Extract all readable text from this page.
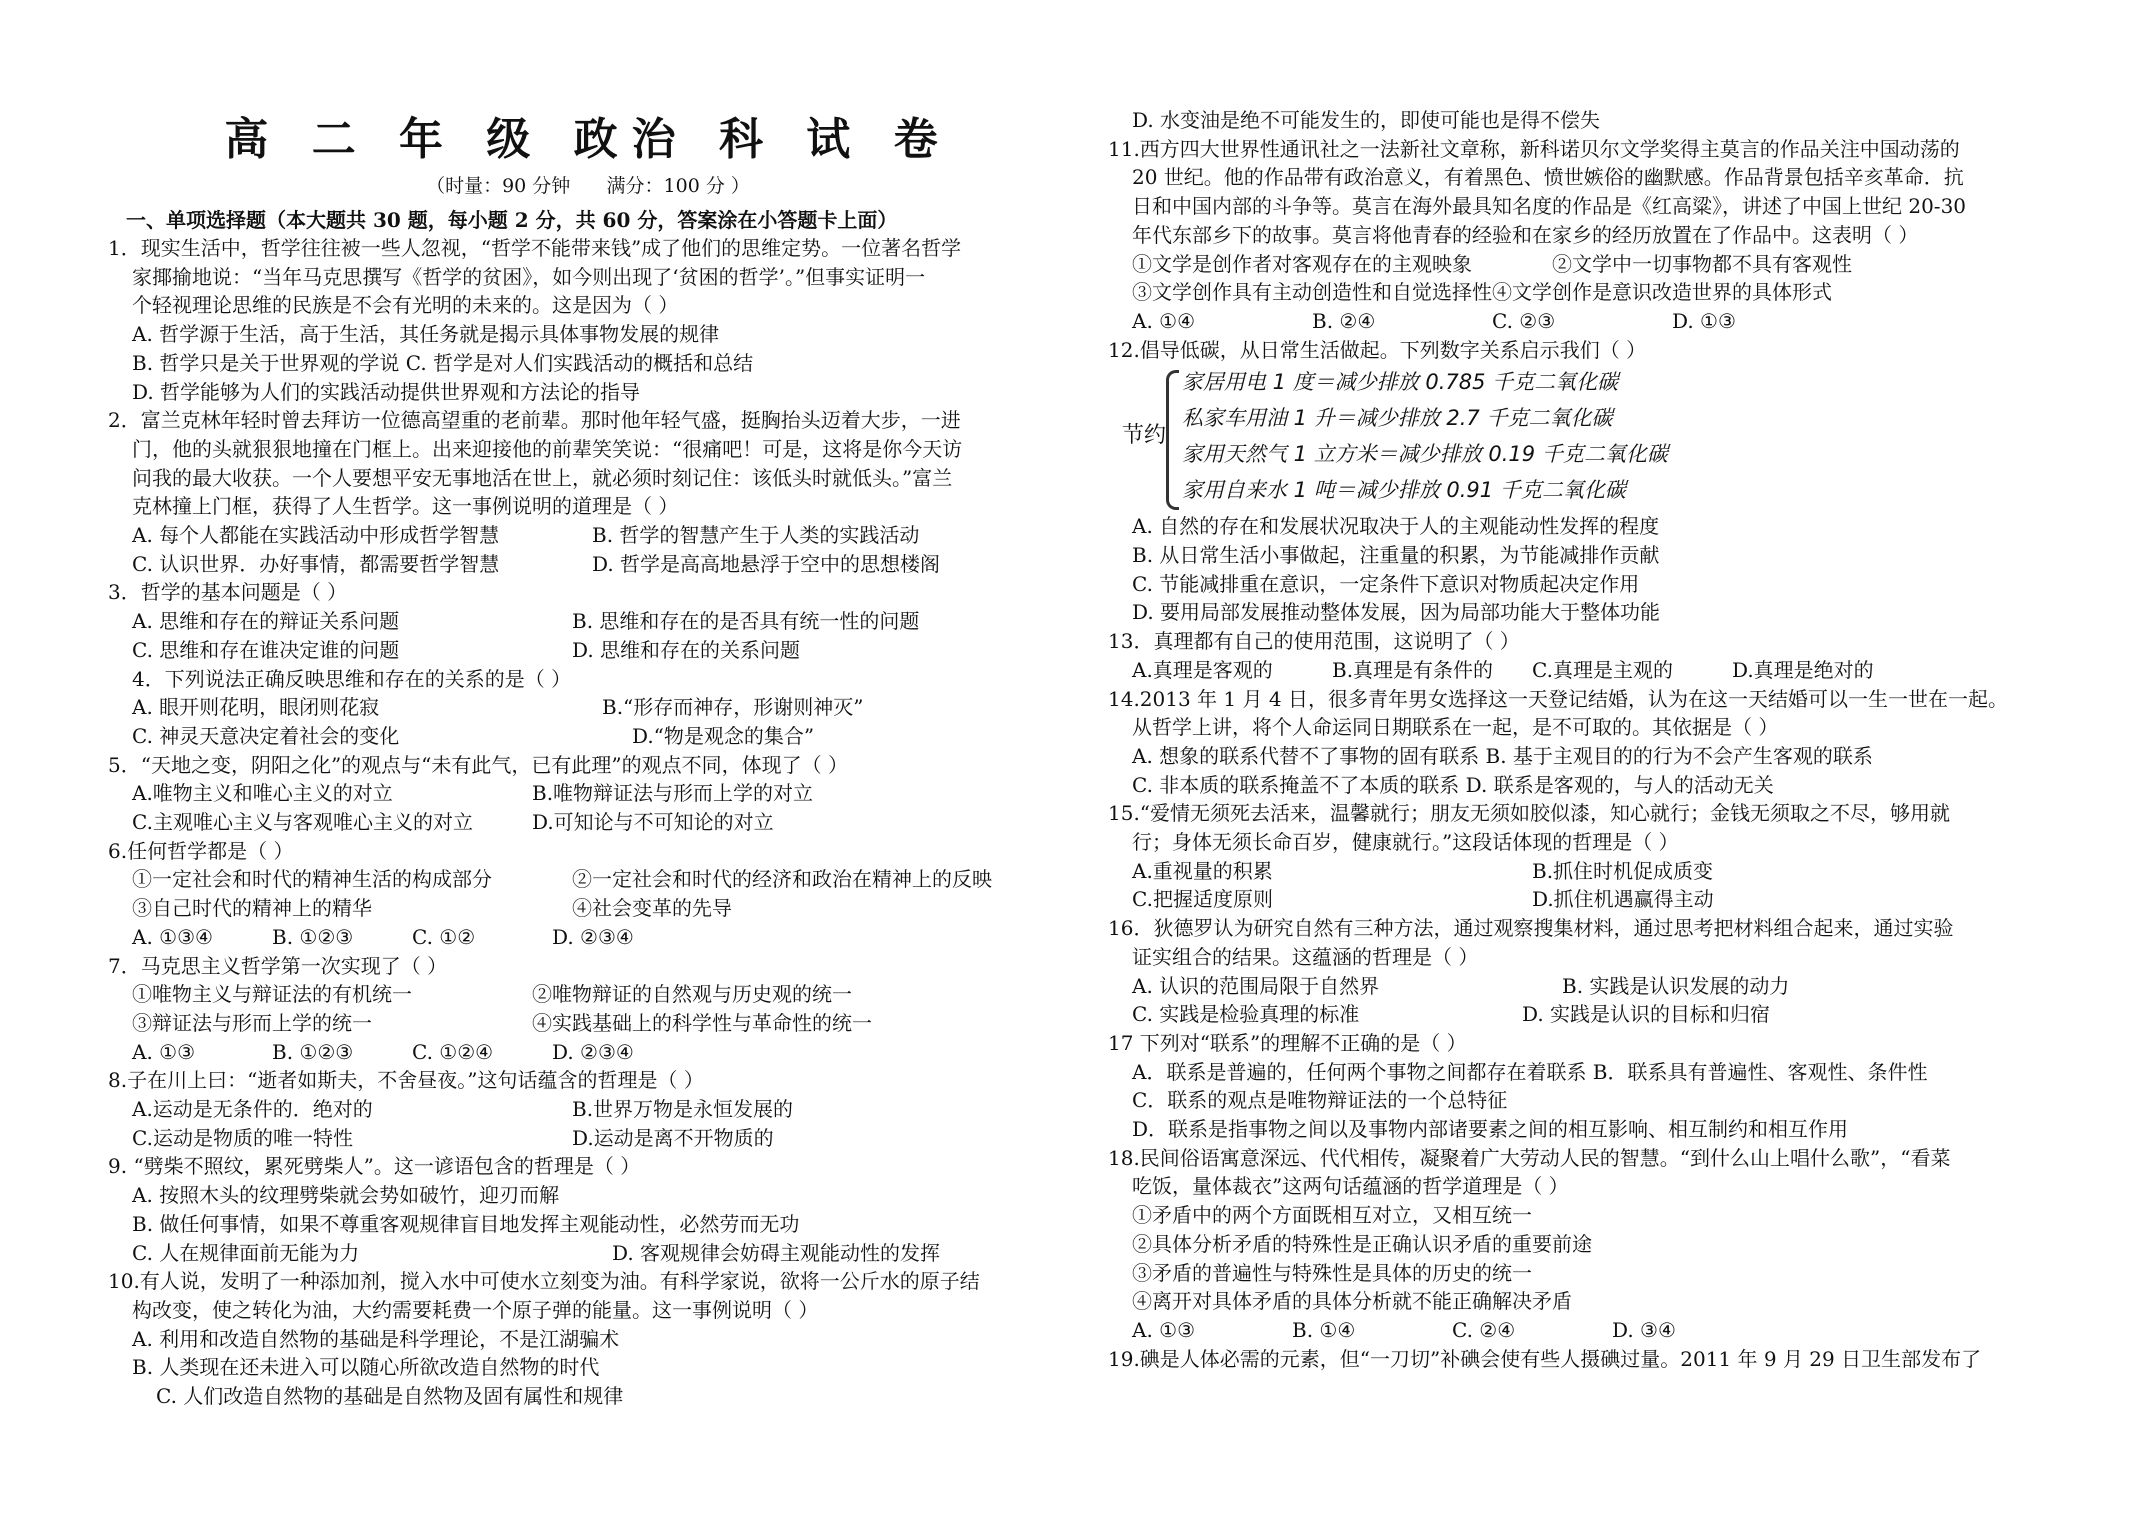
高 二 年 级 政治 科 试 卷
（时量：90 分钟      满分：100 分 ）
一、单项选择题（本大题共 30 题，每小题 2 分，共 60 分，答案涂在小答题卡上面）
1．现实生活中，哲学往往被一些人忽视，“哲学不能带来钱”成了他们的思维定势。一位著名哲学
家揶揄地说：“当年马克思撰写《哲学的贫困》，如今则出现了‘贫困的哲学’。”但事实证明一
个轻视理论思维的民族是不会有光明的未来的。这是因为（ ）
A. 哲学源于生活，高于生活，其任务就是揭示具体事物发展的规律
B. 哲学只是关于世界观的学说 C. 哲学是对人们实践活动的概括和总结
D. 哲学能够为人们的实践活动提供世界观和方法论的指导
2．富兰克林年轻时曾去拜访一位德高望重的老前辈。那时他年轻气盛，挺胸抬头迈着大步，一进
门，他的头就狠狠地撞在门框上。出来迎接他的前辈笑笑说：“很痛吧！可是，这将是你今天访
问我的最大收获。一个人要想平安无事地活在世上，就必须时刻记住：该低头时就低头。”富兰
克林撞上门框，获得了人生哲学。这一事例说明的道理是（ ）
A. 每个人都能在实践活动中形成哲学智慧	B. 哲学的智慧产生于人类的实践活动
C. 认识世界．办好事情，都需要哲学智慧	D. 哲学是高高地悬浮于空中的思想楼阁
3．哲学的基本问题是（ ）
A. 思维和存在的辩证关系问题	B. 思维和存在的是否具有统一性的问题
C. 思维和存在谁决定谁的问题	D. 思维和存在的关系问题
4．下列说法正确反映思维和存在的关系的是（ ）
A. 眼开则花明，眼闭则花寂	B.“形存而神存，形谢则神灭”
C. 神灵天意决定着社会的变化	D.“物是观念的集合”
5．“天地之变，阴阳之化”的观点与“未有此气，已有此理”的观点不同，体现了（ ）
A.唯物主义和唯心主义的对立	B.唯物辩证法与形而上学的对立
C.主观唯心主义与客观唯心主义的对立	D.可知论与不可知论的对立
6.任何哲学都是（ ）
①一定社会和时代的精神生活的构成部分	②一定社会和时代的经济和政治在精神上的反映
③自己时代的精神上的精华	④社会变革的先导
A. ①③④	B. ①②③	C. ①②	D. ②③④
7．马克思主义哲学第一次实现了（ ）
①唯物主义与辩证法的有机统一	②唯物辩证的自然观与历史观的统一
③辩证法与形而上学的统一	④实践基础上的科学性与革命性的统一
A. ①③	B. ①②③	C. ①②④	D. ②③④
8.子在川上曰：“逝者如斯夫，不舍昼夜。”这句话蕴含的哲理是（ ）
A.运动是无条件的．绝对的	B.世界万物是永恒发展的
C.运动是物质的唯一特性	D.运动是离不开物质的
9. “劈柴不照纹，累死劈柴人”。这一谚语包含的哲理是（ ）
A. 按照木头的纹理劈柴就会势如破竹，迎刃而解
B. 做任何事情，如果不尊重客观规律盲目地发挥主观能动性，必然劳而无功
C. 人在规律面前无能为力	D. 客观规律会妨碍主观能动性的发挥
10.有人说，发明了一种添加剂，搅入水中可使水立刻变为油。有科学家说，欲将一公斤水的原子结
构改变，使之转化为油，大约需要耗费一个原子弹的能量。这一事例说明（ ）
A. 利用和改造自然物的基础是科学理论，不是江湖骗术
B. 人类现在还未进入可以随心所欲改造自然物的时代
C. 人们改造自然物的基础是自然物及固有属性和规律
D. 水变油是绝不可能发生的，即使可能也是得不偿失
11.西方四大世界性通讯社之一法新社文章称，新科诺贝尔文学奖得主莫言的作品关注中国动荡的
20 世纪。他的作品带有政治意义，有着黑色、愤世嫉俗的幽默感。作品背景包括辛亥革命．抗
日和中国内部的斗争等。莫言在海外最具知名度的作品是《红高粱》，讲述了中国上世纪 20-30
年代东部乡下的故事。莫言将他青春的经验和在家乡的经历放置在了作品中。这表明（ ）
①文学是创作者对客观存在的主观映象	②文学中一切事物都不具有客观性
③文学创作具有主动创造性和自觉选择性④文学创作是意识改造世界的具体形式
A. ①④	B. ②④	C. ②③	D. ①③
12.倡导低碳，从日常生活做起。下列数字关系启示我们（ ）
A. 自然的存在和发展状况取决于人的主观能动性发挥的程度
B. 从日常生活小事做起，注重量的积累，为节能减排作贡献
C. 节能减排重在意识，一定条件下意识对物质起决定作用
D. 要用局部发展推动整体发展，因为局部功能大于整体功能
13．真理都有自己的使用范围，这说明了（ ）
A.真理是客观的	B.真理是有条件的	C.真理是主观的	D.真理是绝对的
14.2013 年 1 月 4 日，很多青年男女选择这一天登记结婚，认为在这一天结婚可以一生一世在一起。
从哲学上讲，将个人命运同日期联系在一起，是不可取的。其依据是（ ）
A. 想象的联系代替不了事物的固有联系 B. 基于主观目的的行为不会产生客观的联系
C. 非本质的联系掩盖不了本质的联系 D. 联系是客观的，与人的活动无关
15.“爱情无须死去活来，温馨就行；朋友无须如胶似漆，知心就行；金钱无须取之不尽，够用就
行；身体无须长命百岁，健康就行。”这段话体现的哲理是（ ）
A.重视量的积累	B.抓住时机促成质变
C.把握适度原则	D.抓住机遇赢得主动
16．狄德罗认为研究自然有三种方法，通过观察搜集材料，通过思考把材料组合起来，通过实验
证实组合的结果。这蕴涵的哲理是（ ）
A. 认识的范围局限于自然界	B. 实践是认识发展的动力
C. 实践是检验真理的标准	D. 实践是认识的目标和归宿
17 下列对“联系”的理解不正确的是（ ）
A．联系是普遍的，任何两个事物之间都存在着联系 B．联系具有普遍性、客观性、条件性
C．联系的观点是唯物辩证法的一个总特征
D．联系是指事物之间以及事物内部诸要素之间的相互影响、相互制约和相互作用
18.民间俗语寓意深远、代代相传，凝聚着广大劳动人民的智慧。“到什么山上唱什么歌”，“看菜
吃饭，量体裁衣”这两句话蕴涵的哲学道理是（ ）
①矛盾中的两个方面既相互对立，又相互统一
②具体分析矛盾的特殊性是正确认识矛盾的重要前途
③矛盾的普遍性与特殊性是具体的历史的统一
④离开对具体矛盾的具体分析就不能正确解决矛盾
A. ①③	B. ①④	C. ②④	D. ③④
19.碘是人体必需的元素，但“一刀切”补碘会使有些人摄碘过量。2011 年 9 月 29 日卫生部发布了
节约
家居用电 1 度＝减少排放 0.785 千克二氧化碳
私家车用油 1 升＝减少排放 2.7 千克二氧化碳
家用天然气 1 立方米＝减少排放 0.19 千克二氧化碳
家用自来水 1 吨＝减少排放 0.91 千克二氧化碳
